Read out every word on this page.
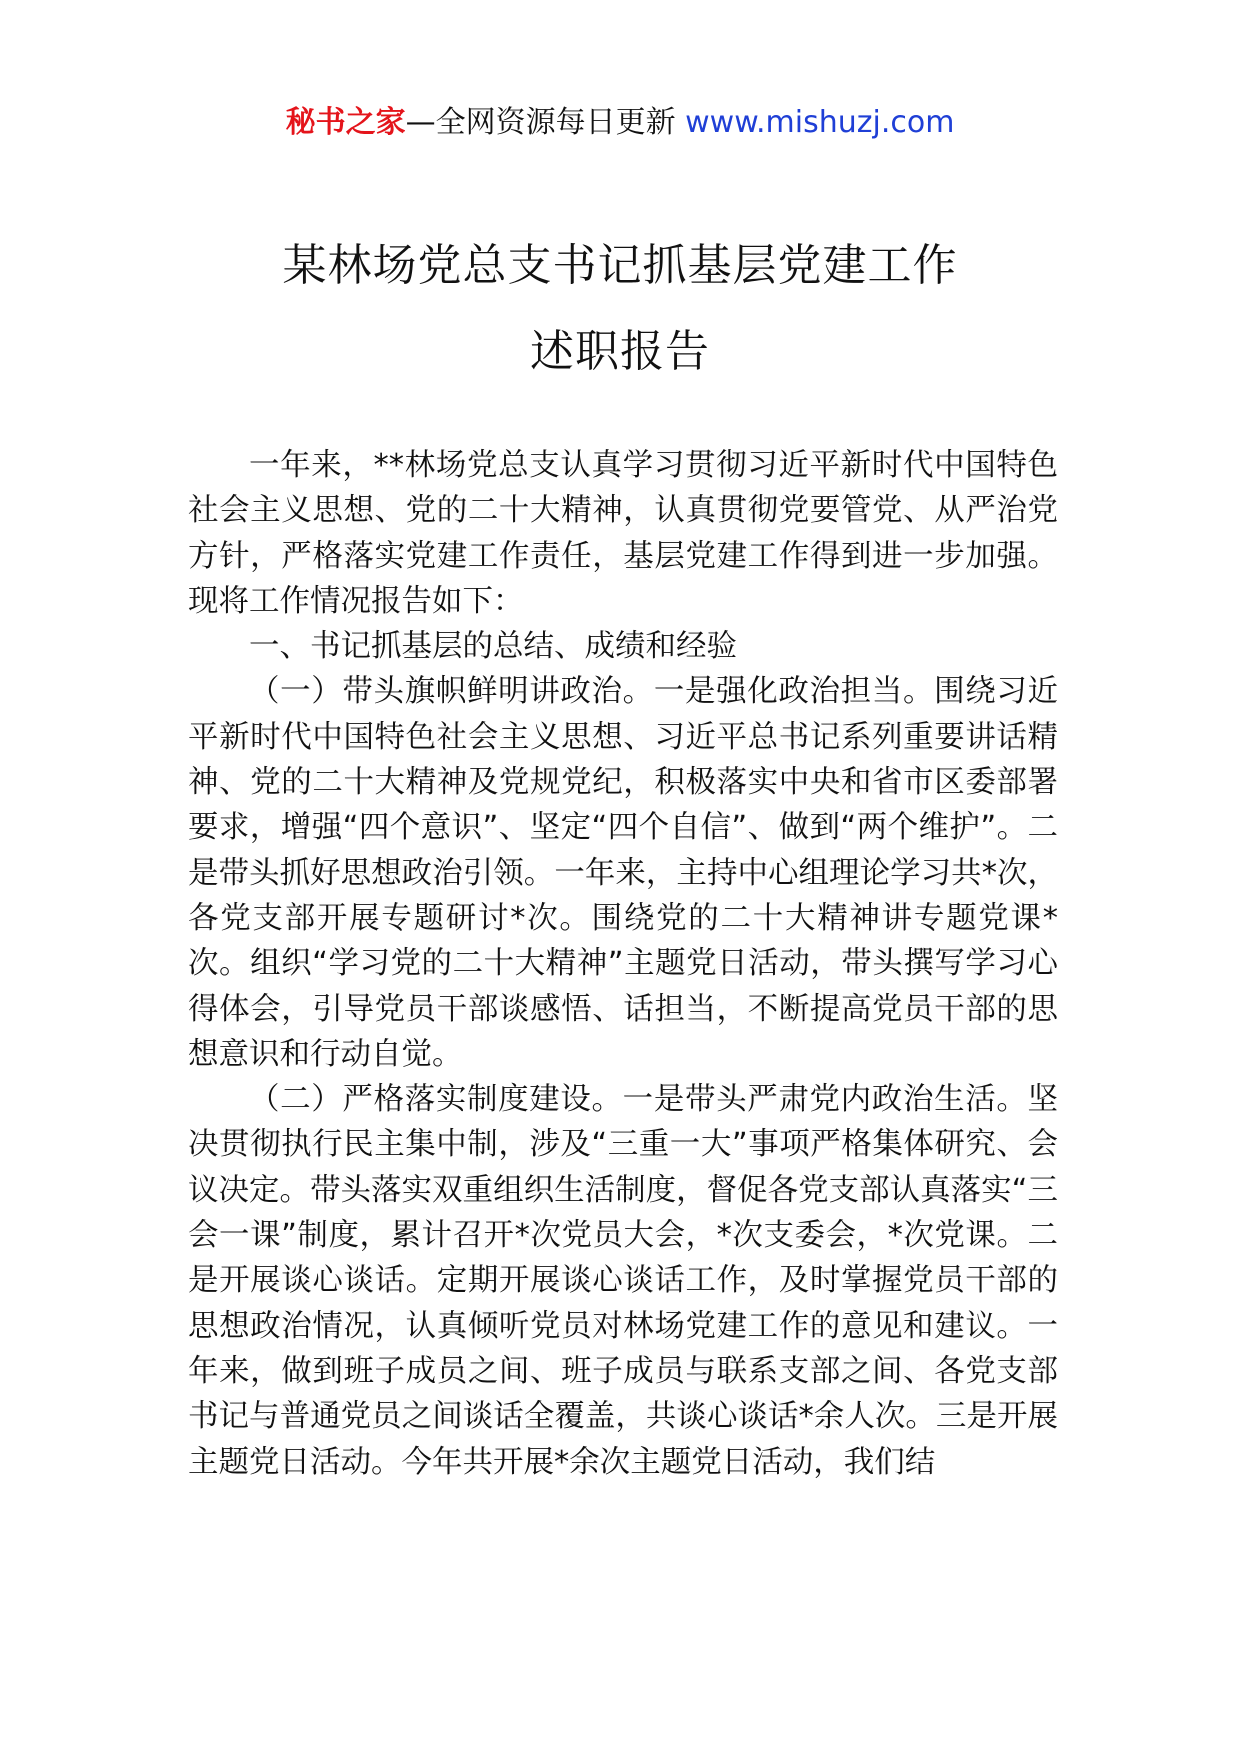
秘书之家—全网资源每日更新 www.mishuzj.com
某林场党总支书记抓基层党建工作
述职报告

一年来，**林场党总支认真学习贯彻习近平新时代中国特色社会主义思想、党的二十大精神，认真贯彻党要管党、从严治党方针，严格落实党建工作责任，基层党建工作得到进一步加强。现将工作情况报告如下：

一、书记抓基层的总结、成绩和经验

（一）带头旗帜鲜明讲政治。一是强化政治担当。围绕习近平新时代中国特色社会主义思想、习近平总书记系列重要讲话精神、党的二十大精神及党规党纪，积极落实中央和省市区委部署要求，增强“四个意识”、坚定“四个自信”、做到“两个维护”。二是带头抓好思想政治引领。一年来，主持中心组理论学习共*次，各党支部开展专题研讨*次。围绕党的二十大精神讲专题党课*次。组织“学习党的二十大精神”主题党日活动，带头撰写学习心得体会，引导党员干部谈感悟、话担当，不断提高党员干部的思想意识和行动自觉。

（二）严格落实制度建设。一是带头严肃党内政治生活。坚决贯彻执行民主集中制，涉及“三重一大”事项严格集体研究、会议决定。带头落实双重组织生活制度，督促各党支部认真落实“三会一课”制度，累计召开*次党员大会，*次支委会，*次党课。二是开展谈心谈话。定期开展谈心谈话工作，及时掌握党员干部的思想政治情况，认真倾听党员对林场党建工作的意见和建议。一年来，做到班子成员之间、班子成员与联系支部之间、各党支部书记与普通党员之间谈话全覆盖，共谈心谈话*余人次。三是开展主题党日活动。今年共开展*余次主题党日活动，我们结
